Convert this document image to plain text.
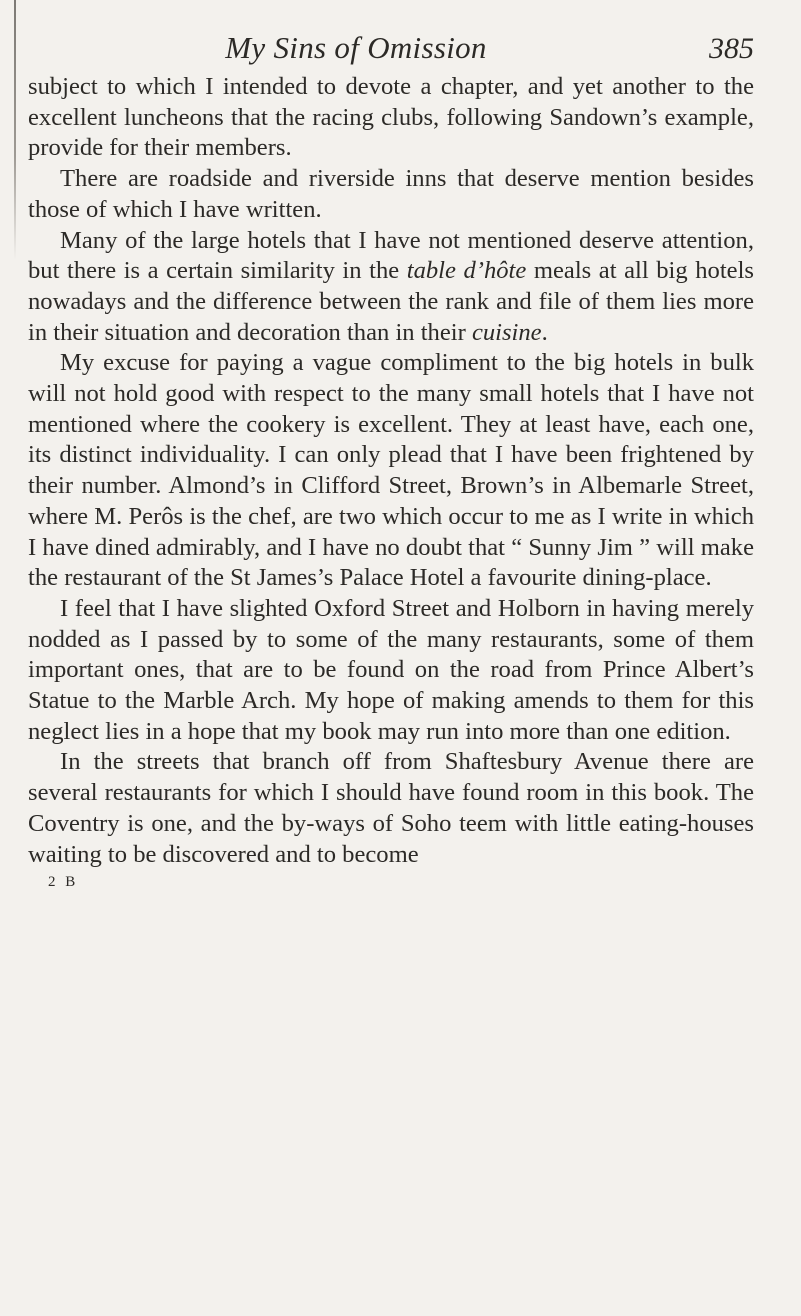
My Sins of Omission	385

subject to which I intended to devote a chapter, and yet another to the excellent luncheons that the racing clubs, following Sandown’s example, provide for their members.

There are roadside and riverside inns that deserve mention besides those of which I have written.

Many of the large hotels that I have not mentioned deserve attention, but there is a certain similarity in the table d’hôte meals at all big hotels nowadays and the difference between the rank and file of them lies more in their situation and decoration than in their cuisine.

My excuse for paying a vague compliment to the big hotels in bulk will not hold good with respect to the many small hotels that I have not mentioned where the cookery is excellent. They at least have, each one, its distinct individuality. I can only plead that I have been frightened by their number. Almond’s in Clifford Street, Brown’s in Albemarle Street, where M. Perôs is the chef, are two which occur to me as I write in which I have dined admirably, and I have no doubt that “ Sunny Jim ” will make the restaurant of the St James’s Palace Hotel a favourite dining-place.

I feel that I have slighted Oxford Street and Holborn in having merely nodded as I passed by to some of the many restaurants, some of them important ones, that are to be found on the road from Prince Albert’s Statue to the Marble Arch. My hope of making amends to them for this neglect lies in a hope that my book may run into more than one edition.

In the streets that branch off from Shaftesbury Avenue there are several restaurants for which I should have found room in this book. The Coventry is one, and the by-ways of Soho teem with little eating-houses waiting to be discovered and to become

2 B
